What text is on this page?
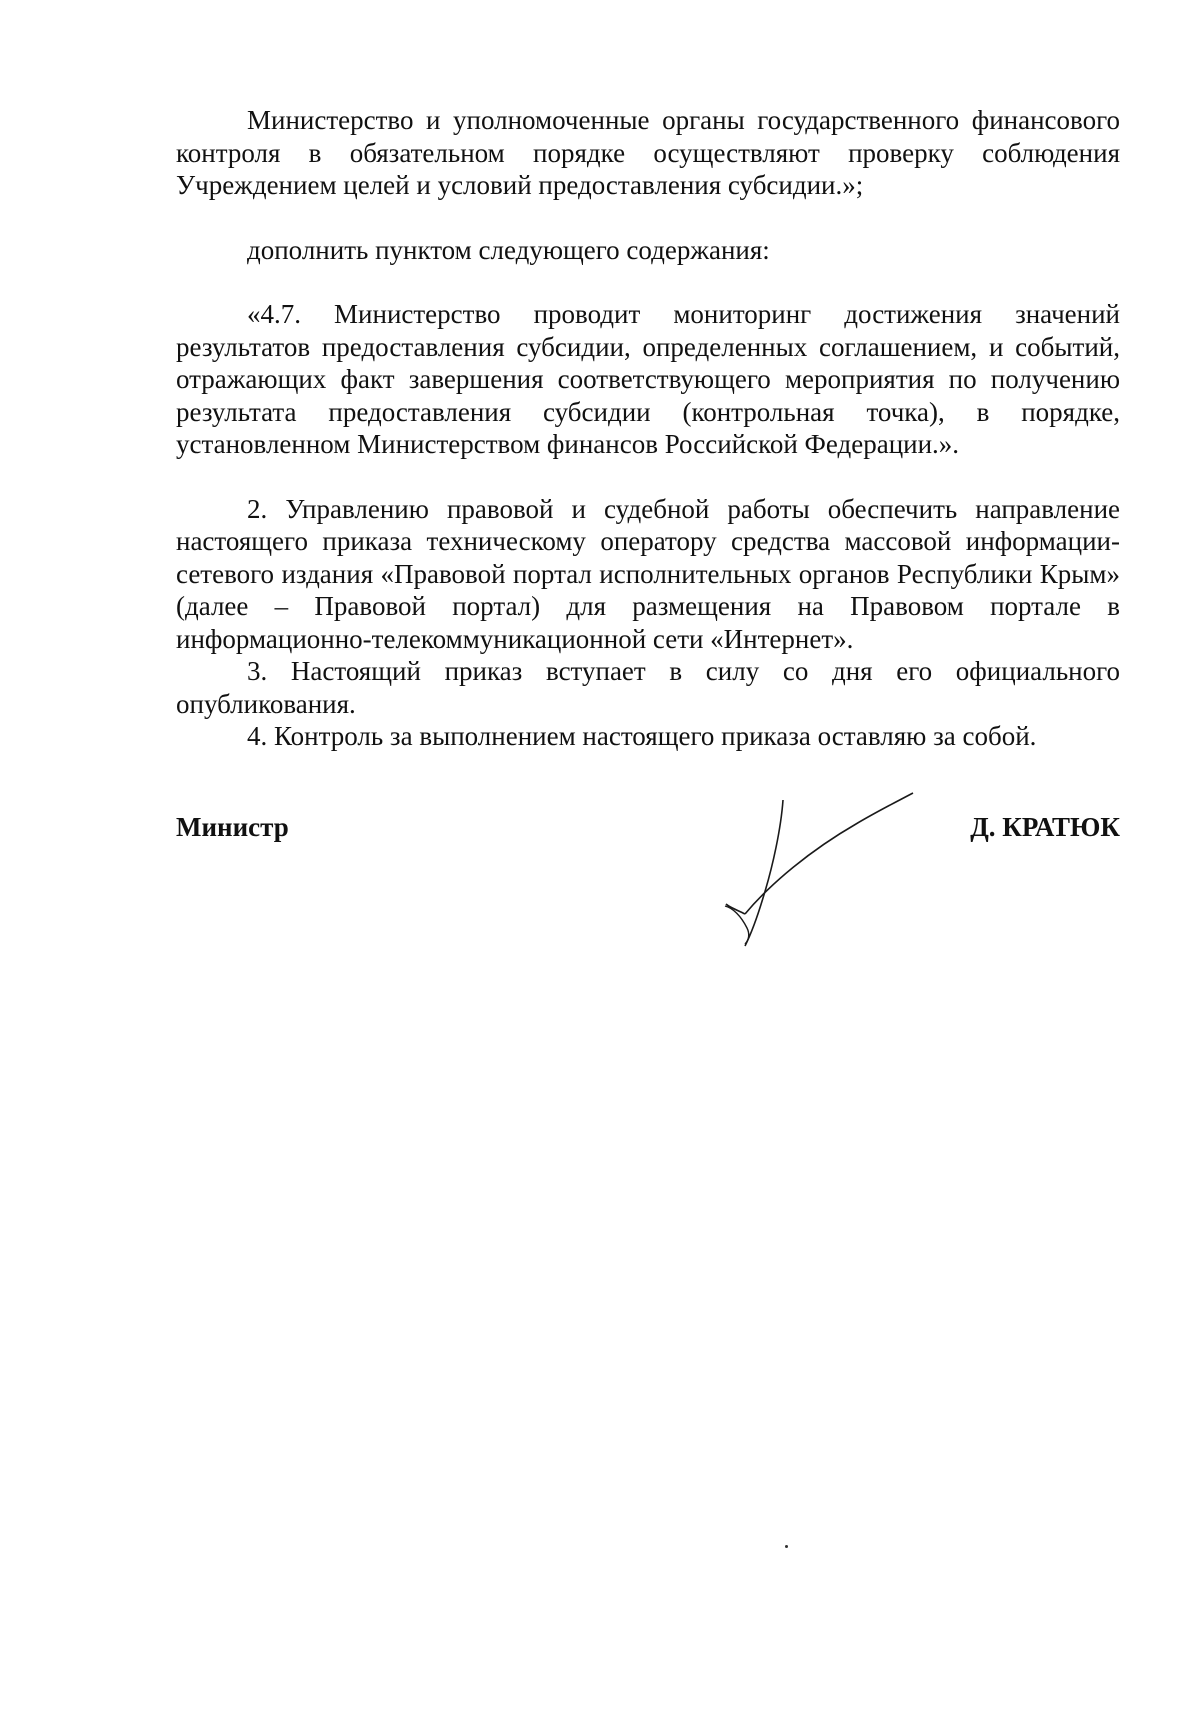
Министерство и уполномоченные органы государственного финансового контроля в обязательном порядке осуществляют проверку соблюдения Учреждением целей и условий предоставления субсидии.»;

дополнить пунктом следующего содержания:

«4.7. Министерство проводит мониторинг достижения значений результатов предоставления субсидии, определенных соглашением, и событий, отражающих факт завершения соответствующего мероприятия по получению результата предоставления субсидии (контрольная точка), в порядке, установленном Министерством финансов Российской Федерации.».

2. Управлению правовой и судебной работы обеспечить направление настоящего приказа техническому оператору средства массовой информации-сетевого издания «Правовой портал исполнительных органов Республики Крым» (далее – Правовой портал) для размещения на Правовом портале в информационно-телекоммуникационной сети «Интернет».

3. Настоящий приказ вступает в силу со дня его официального опубликования.

4. Контроль за выполнением настоящего приказа оставляю за собой.

Министр	Д. КРАТЮК
